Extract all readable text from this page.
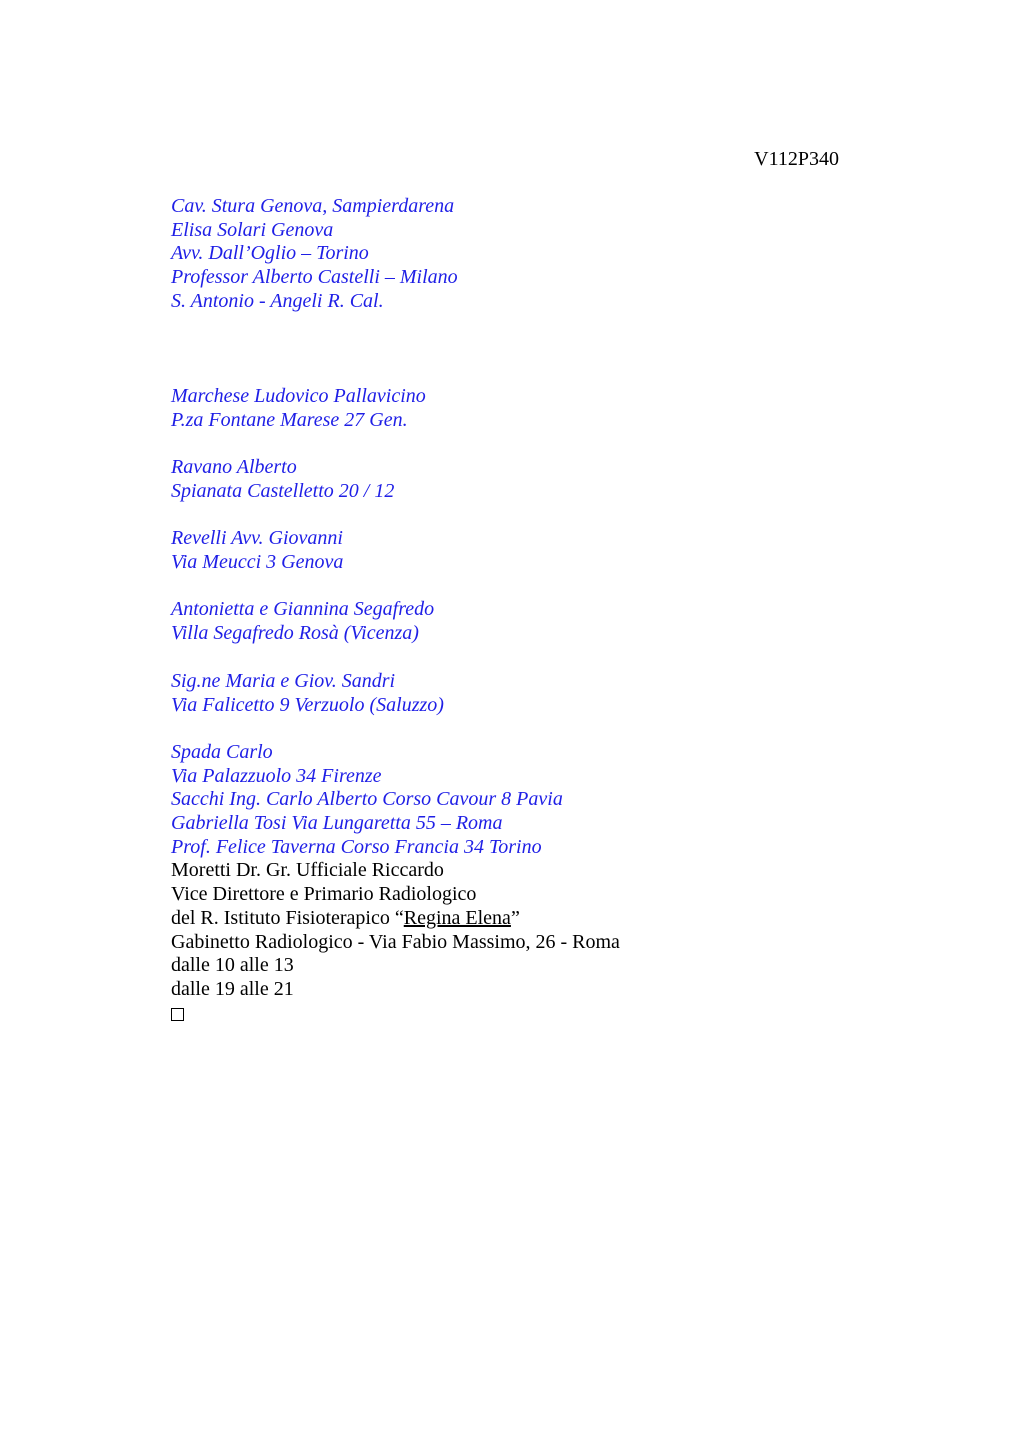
V112P340
Cav. Stura Genova, Sampierdarena
Elisa Solari Genova
Avv. Dall’Oglio – Torino
Professor Alberto Castelli – Milano
S. Antonio - Angeli R. Cal.
Marchese Ludovico Pallavicino
P.za Fontane Marese 27 Gen.
Ravano Alberto
Spianata Castelletto 20 / 12
Revelli Avv. Giovanni
Via Meucci 3 Genova
Antonietta e Giannina Segafredo
Villa Segafredo Rosà (Vicenza)
Sig.ne Maria e Giov. Sandri
Via Falicetto 9 Verzuolo (Saluzzo)
Spada Carlo
Via Palazzuolo 34 Firenze
Sacchi Ing. Carlo Alberto Corso Cavour 8 Pavia
Gabriella Tosi Via Lungaretta 55 – Roma
Prof. Felice Taverna Corso Francia 34 Torino
Moretti Dr. Gr. Ufficiale Riccardo
Vice Direttore e Primario Radiologico
del R. Istituto Fisioterapico “Regina Elena”
Gabinetto Radiologico - Via Fabio Massimo, 26 - Roma
dalle 10 alle 13
dalle 19 alle 21
